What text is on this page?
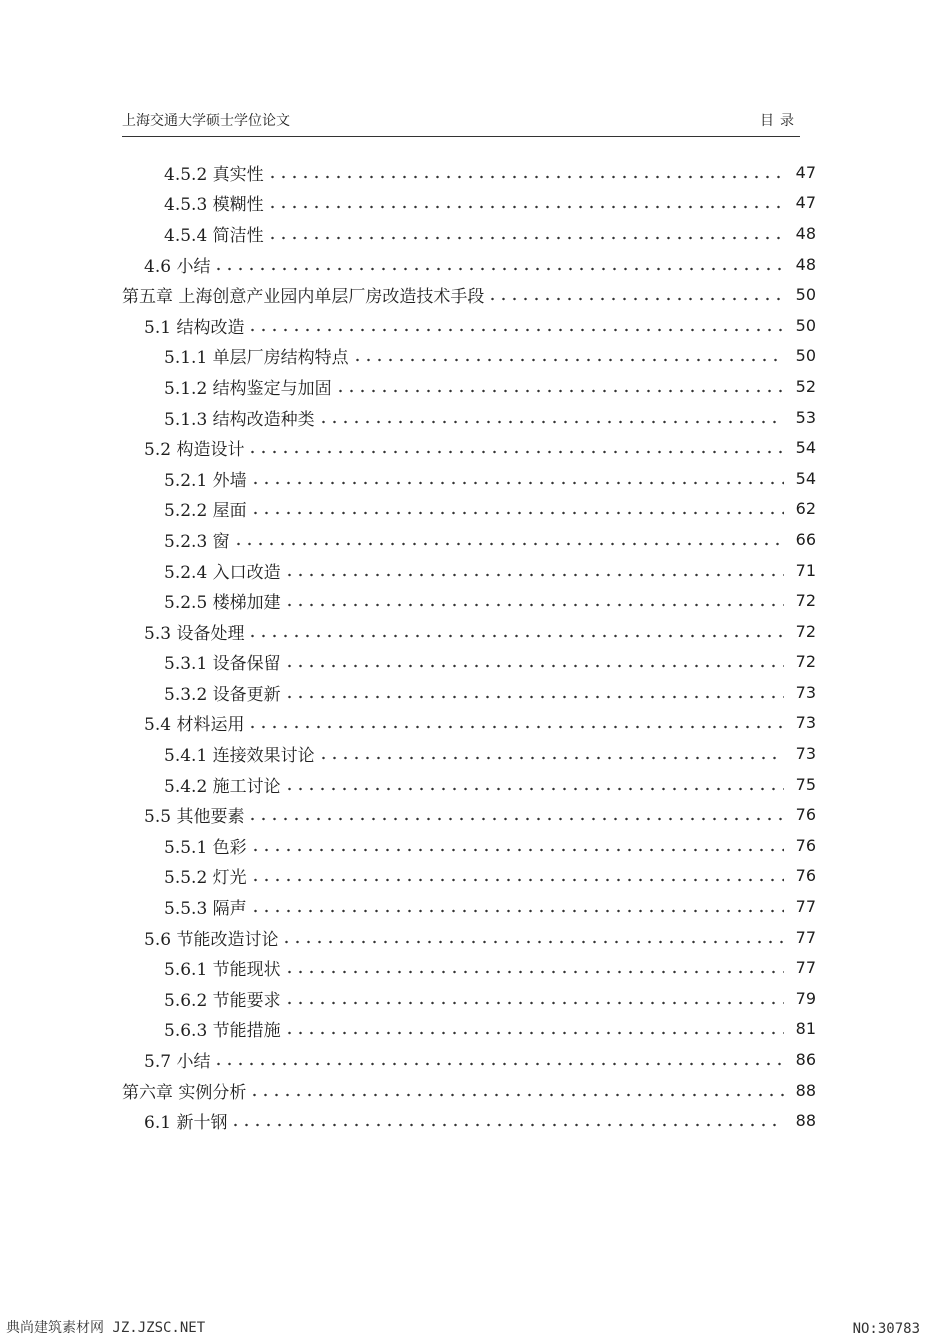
上海交通大学硕士学位论文	目录
4.5.2 真实性	47
4.5.3 模糊性	47
4.5.4 简洁性	48
4.6 小结	48
第五章 上海创意产业园内单层厂房改造技术手段	50
5.1 结构改造	50
5.1.1 单层厂房结构特点	50
5.1.2 结构鉴定与加固	52
5.1.3 结构改造种类	53
5.2 构造设计	54
5.2.1 外墙	54
5.2.2 屋面	62
5.2.3 窗	66
5.2.4 入口改造	71
5.2.5 楼梯加建	72
5.3 设备处理	72
5.3.1 设备保留	72
5.3.2 设备更新	73
5.4 材料运用	73
5.4.1 连接效果讨论	73
5.4.2 施工讨论	75
5.5 其他要素	76
5.5.1 色彩	76
5.5.2 灯光	76
5.5.3 隔声	77
5.6 节能改造讨论	77
5.6.1 节能现状	77
5.6.2 节能要求	79
5.6.3 节能措施	81
5.7 小结	86
第六章 实例分析	88
6.1 新十钢	88
典尚建筑素材网 JZ.JZSC.NET	NO:30783
